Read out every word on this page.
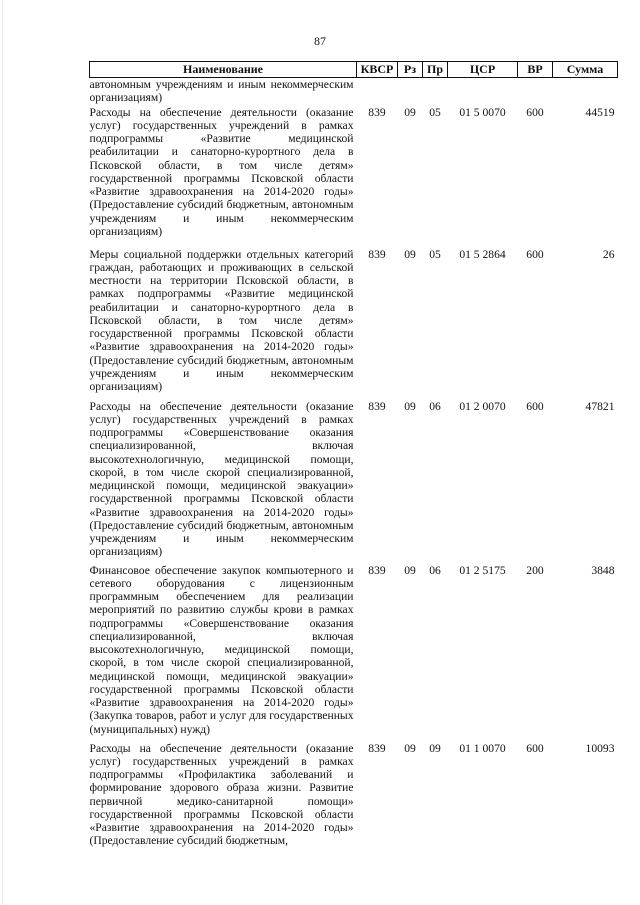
87
Наименование	КВСР	Рз	Пр	ЦСР	ВР	Сумма
автономным учреждениям и иным некоммерческим организациям)						
Расходы на обеспечение деятельности (оказание услуг) государственных учреждений в рамках подпрограммы «Развитие медицинской реабилитации и санаторно-курортного дела в Псковской области, в том числе детям» государственной программы Псковской области «Развитие здравоохранения на 2014-2020 годы» (Предоставление субсидий бюджетным, автономным учреждениям и иным некоммерческим организациям)	839	09	05	01 5 0070	600	44519
Меры социальной поддержки отдельных категорий граждан, работающих и проживающих в сельской местности на территории Псковской области, в рамках подпрограммы «Развитие медицинской реабилитации и санаторно-курортного дела в Псковской области, в том числе детям» государственной программы Псковской области «Развитие здравоохранения на 2014-2020 годы» (Предоставление субсидий бюджетным, автономным учреждениям и иным некоммерческим организациям)	839	09	05	01 5 2864	600	26
Расходы на обеспечение деятельности (оказание услуг) государственных учреждений в рамках подпрограммы «Совершенствование оказания специализированной, включая высокотехнологичную, медицинской помощи, скорой, в том числе скорой специализированной, медицинской помощи, медицинской эвакуации» государственной программы Псковской области «Развитие здравоохранения на 2014-2020 годы» (Предоставление субсидий бюджетным, автономным учреждениям и иным некоммерческим организациям)	839	09	06	01 2 0070	600	47821
Финансовое обеспечение закупок компьютерного и сетевого оборудования с лицензионным программным обеспечением для реализации мероприятий по развитию службы крови в рамках подпрограммы «Совершенствование оказания специализированной, включая высокотехнологичную, медицинской помощи, скорой, в том числе скорой специализированной, медицинской помощи, медицинской эвакуации» государственной программы Псковской области «Развитие здравоохранения на 2014-2020 годы» (Закупка товаров, работ и услуг для государственных (муниципальных) нужд)	839	09	06	01 2 5175	200	3848
Расходы на обеспечение деятельности (оказание услуг) государственных учреждений в рамках подпрограммы «Профилактика заболеваний и формирование здорового образа жизни. Развитие первичной медико-санитарной помощи» государственной программы Псковской области «Развитие здравоохранения на 2014-2020 годы» (Предоставление субсидий бюджетным,	839	09	09	01 1 0070	600	10093
